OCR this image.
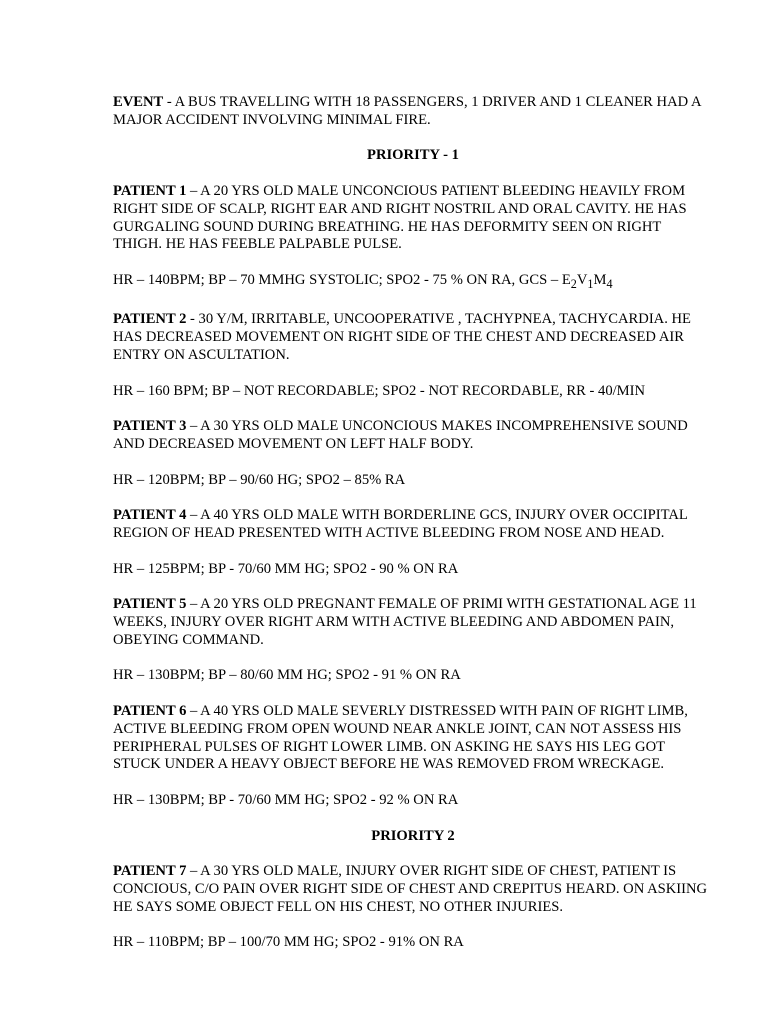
EVENT - A BUS TRAVELLING WITH 18 PASSENGERS, 1 DRIVER AND 1 CLEANER HAD A MAJOR ACCIDENT INVOLVING MINIMAL FIRE.

PRIORITY - 1

PATIENT 1 – A 20 YRS OLD MALE UNCONCIOUS PATIENT BLEEDING HEAVILY FROM RIGHT SIDE OF SCALP, RIGHT EAR AND RIGHT NOSTRIL AND ORAL CAVITY. HE HAS GURGALING SOUND DURING BREATHING. HE HAS DEFORMITY SEEN ON RIGHT THIGH. HE HAS FEEBLE PALPABLE PULSE.

HR – 140BPM; BP – 70 MMHG SYSTOLIC; SPO2 - 75 % ON RA, GCS – $E_2V_1M_4$

PATIENT 2 - 30 Y/M, IRRITABLE, UNCOOPERATIVE , TACHYPNEA, TACHYCARDIA. HE HAS DECREASED MOVEMENT ON RIGHT SIDE OF THE CHEST AND DECREASED AIR ENTRY ON ASCULTATION.

HR – 160 BPM; BP – NOT RECORDABLE; SPO2 - NOT RECORDABLE, RR - 40/MIN

PATIENT 3 – A 30 YRS OLD MALE UNCONCIOUS MAKES INCOMPREHENSIVE SOUND AND DECREASED MOVEMENT ON LEFT HALF BODY.

HR – 120BPM; BP – 90/60 HG; SPO2 – 85% RA

PATIENT 4 – A 40 YRS OLD MALE WITH BORDERLINE GCS, INJURY OVER OCCIPITAL REGION OF HEAD PRESENTED WITH ACTIVE BLEEDING FROM NOSE AND HEAD.

HR – 125BPM; BP - 70/60 MM HG; SPO2 - 90 % ON RA

PATIENT 5 – A 20 YRS OLD PREGNANT FEMALE OF PRIMI WITH GESTATIONAL AGE 11 WEEKS, INJURY OVER RIGHT ARM WITH ACTIVE BLEEDING AND ABDOMEN PAIN, OBEYING COMMAND.

HR – 130BPM; BP – 80/60 MM HG; SPO2 - 91 % ON RA

PATIENT 6 – A 40 YRS OLD MALE SEVERLY DISTRESSED WITH PAIN OF RIGHT LIMB, ACTIVE BLEEDING FROM OPEN WOUND NEAR ANKLE JOINT, CAN NOT ASSESS HIS PERIPHERAL PULSES OF RIGHT LOWER LIMB. ON ASKING HE SAYS HIS LEG GOT STUCK UNDER A HEAVY OBJECT BEFORE HE WAS REMOVED FROM WRECKAGE.

HR – 130BPM; BP - 70/60 MM HG; SPO2 - 92 % ON RA

PRIORITY 2

PATIENT 7 – A 30 YRS OLD MALE, INJURY OVER RIGHT SIDE OF CHEST, PATIENT IS CONCIOUS, C/O PAIN OVER RIGHT SIDE OF CHEST AND CREPITUS HEARD. ON ASKIING HE SAYS SOME OBJECT FELL ON HIS CHEST, NO OTHER INJURIES.

HR – 110BPM; BP – 100/70 MM HG; SPO2 - 91% ON RA
